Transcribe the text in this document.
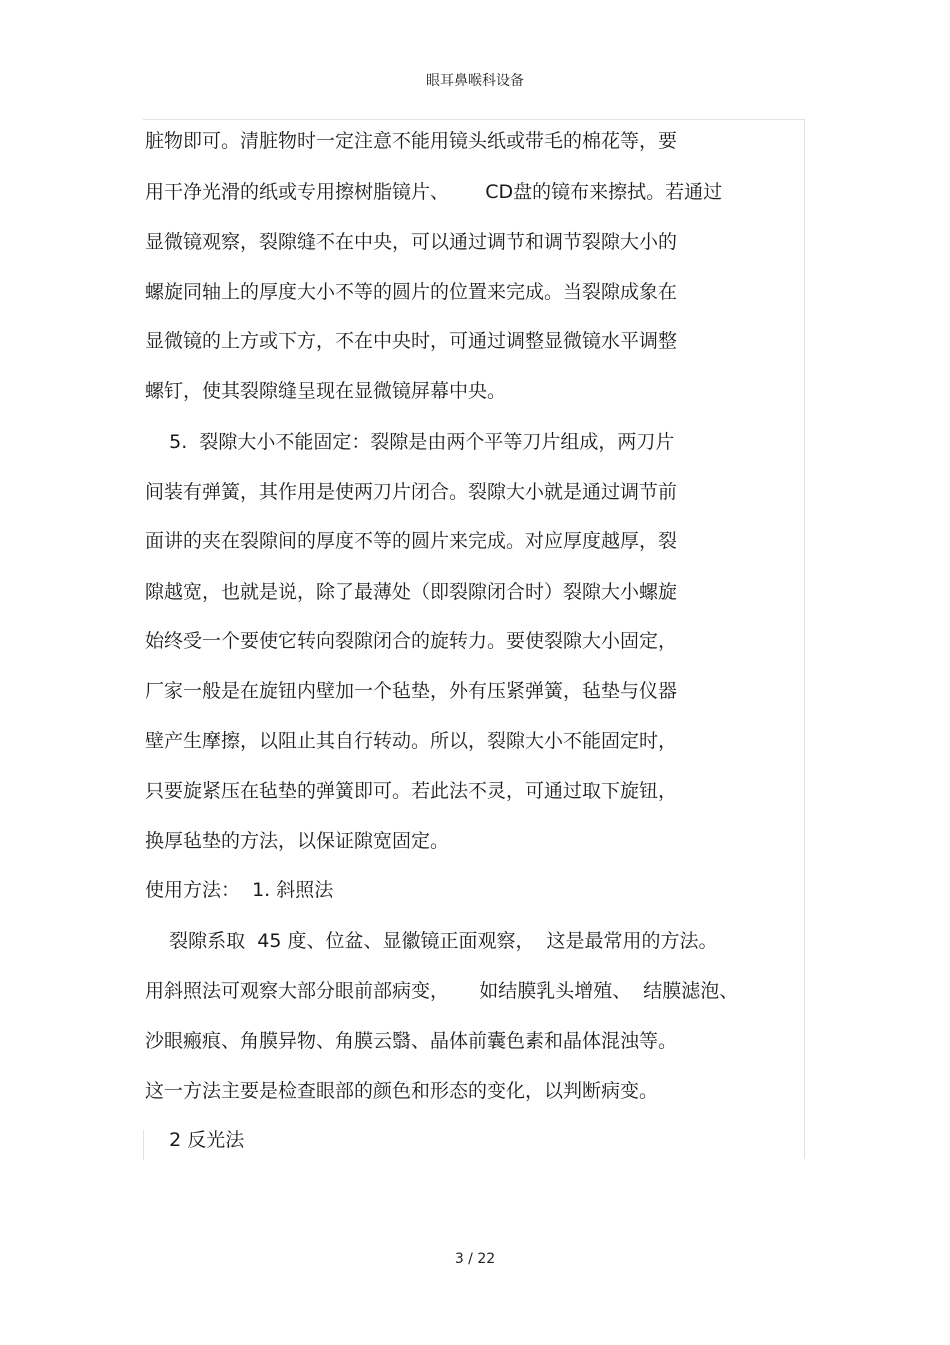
眼耳鼻喉科设备
脏物即可。清脏物时一定注意不能用镜头纸或带毛的棉花等，要
用干净光滑的纸或专用擦树脂镜片、      CD盘的镜布来擦拭。若通过
显微镜观察，裂隙缝不在中央，可以通过调节和调节裂隙大小的
螺旋同轴上的厚度大小不等的圆片的位置来完成。当裂隙成象在
显微镜的上方或下方，不在中央时，可通过调整显微镜水平调整
螺钉，使其裂隙缝呈现在显微镜屏幕中央。
5.  裂隙大小不能固定：裂隙是由两个平等刀片组成，两刀片
间装有弹簧，其作用是使两刀片闭合。裂隙大小就是通过调节前
面讲的夹在裂隙间的厚度不等的圆片来完成。对应厚度越厚，裂
隙越宽，也就是说，除了最薄处（即裂隙闭合时）裂隙大小螺旋
始终受一个要使它转向裂隙闭合的旋转力。要使裂隙大小固定，
厂家一般是在旋钮内壁加一个毡垫，外有压紧弹簧，毡垫与仪器
壁产生摩擦，以阻止其自行转动。所以，裂隙大小不能固定时，
只要旋紧压在毡垫的弹簧即可。若此法不灵，可通过取下旋钮，
换厚毡垫的方法，以保证隙宽固定。
使用方法：  1. 斜照法
裂隙系取  45 度、位盆、显徽镜正面观察，  这是最常用的方法。
用斜照法可观察大部分眼前部病变，     如结膜乳头增殖、  结膜滤泡、
沙眼瘢痕、角膜异物、角膜云翳、晶体前囊色素和晶体混浊等。
这一方法主要是检查眼部的颜色和形态的变化，以判断病变。
2 反光法
3 / 22
